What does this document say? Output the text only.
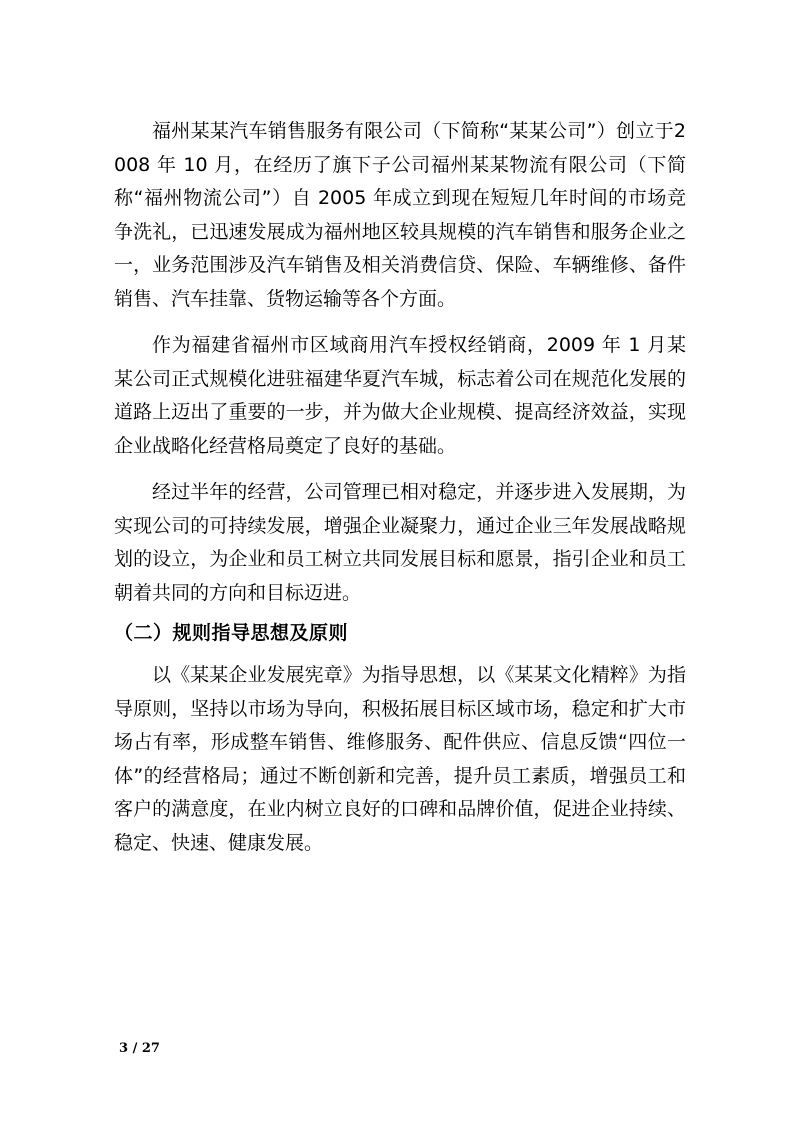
福州某某汽车销售服务有限公司（下简称“某某公司”）创立于2008 年 10 月，在经历了旗下子公司福州某某物流有限公司（下简称“福州物流公司”）自 2005 年成立到现在短短几年时间的市场竞争洗礼，已迅速发展成为福州地区较具规模的汽车销售和服务企业之一，业务范围涉及汽车销售及相关消费信贷、保险、车辆维修、备件销售、汽车挂靠、货物运输等各个方面。

作为福建省福州市区域商用汽车授权经销商，2009 年 1 月某某公司正式规模化进驻福建华夏汽车城，标志着公司在规范化发展的道路上迈出了重要的一步，并为做大企业规模、提高经济效益，实现企业战略化经营格局奠定了良好的基础。

经过半年的经营，公司管理已相对稳定，并逐步进入发展期，为实现公司的可持续发展，增强企业凝聚力，通过企业三年发展战略规划的设立，为企业和员工树立共同发展目标和愿景，指引企业和员工朝着共同的方向和目标迈进。

（二）规则指导思想及原则

以《某某企业发展宪章》为指导思想，以《某某文化精粹》为指导原则，坚持以市场为导向，积极拓展目标区域市场，稳定和扩大市场占有率，形成整车销售、维修服务、配件供应、信息反馈“四位一体”的经营格局；通过不断创新和完善，提升员工素质，增强员工和客户的满意度，在业内树立良好的口碑和品牌价值，促进企业持续、稳定、快速、健康发展。

3 / 27
